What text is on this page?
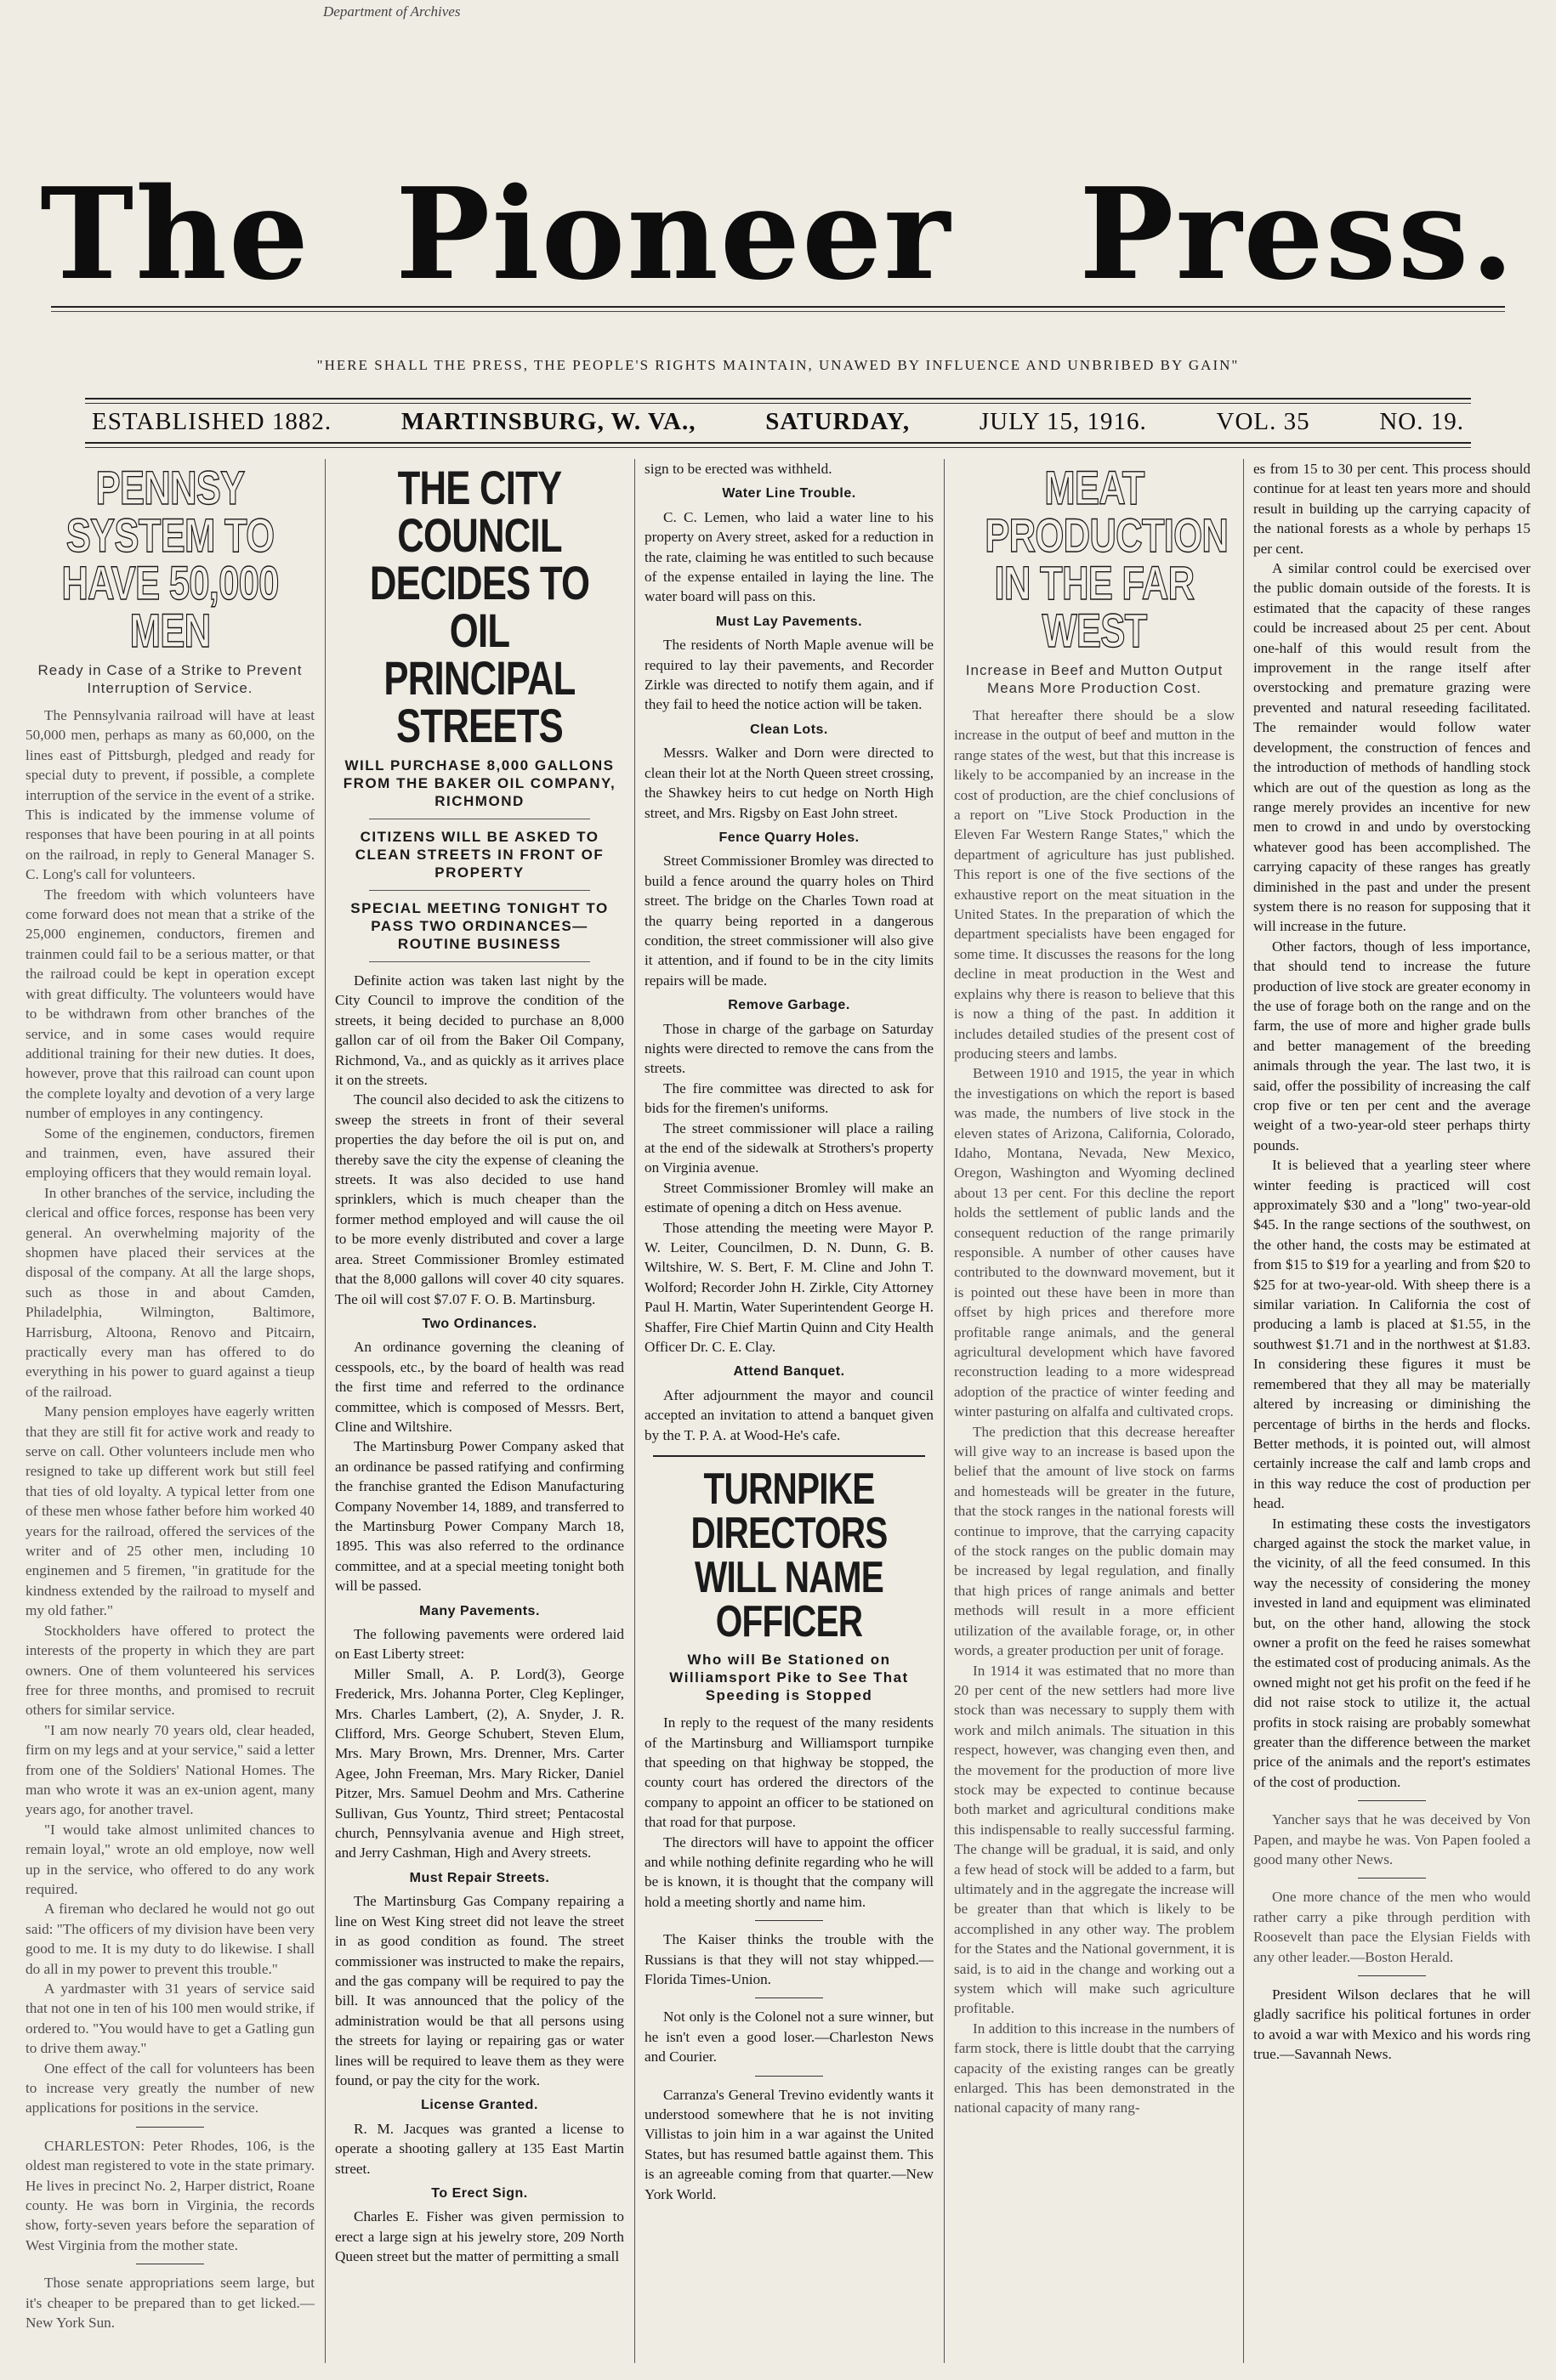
Department of Archives
The Pioneer Press.
"HERE SHALL THE PRESS, THE PEOPLE'S RIGHTS MAINTAIN, UNAWED BY INFLUENCE AND UNBRIBED BY GAIN"
ESTABLISHED 1882.	MARTINSBURG, W. VA.,	SATURDAY,	JULY 15, 1916.	VOL. 35	NO. 19.
PENNSY SYSTEM TO HAVE 50,000 MEN
Ready in Case of a Strike to Prevent Interruption of Service.

The Pennsylvania railroad will have at least 50,000 men, perhaps as many as 60,000, on the lines east of Pittsburgh, pledged and ready for special duty to prevent, if possible, a complete interruption of the service in the event of a strike. This is indicated by the immense volume of responses that have been pouring in at all points on the railroad, in reply to General Manager S. C. Long's call for volunteers.

The freedom with which volunteers have come forward does not mean that a strike of the 25,000 enginemen, conductors, firemen and trainmen could fail to be a serious matter, or that the railroad could be kept in operation except with great difficulty. The volunteers would have to be withdrawn from other branches of the service, and in some cases would require additional training for their new duties. It does, however, prove that this railroad can count upon the complete loyalty and devotion of a very large number of employes in any contingency.

Some of the enginemen, conductors, firemen and trainmen, even, have assured their employing officers that they would remain loyal.

In other branches of the service, including the clerical and office forces, response has been very general. An overwhelming majority of the shopmen have placed their services at the disposal of the company. At all the large shops, such as those in and about Camden, Philadelphia, Wilmington, Baltimore, Harrisburg, Altoona, Renovo and Pitcairn, practically every man has offered to do everything in his power to guard against a tieup of the railroad.

Many pension employes have eagerly written that they are still fit for active work and ready to serve on call. Other volunteers include men who resigned to take up different work but still feel that ties of old loyalty. A typical letter from one of these men whose father before him worked 40 years for the railroad, offered the services of the writer and of 25 other men, including 10 enginemen and 5 firemen, "in gratitude for the kindness extended by the railroad to myself and my old father."

Stockholders have offered to protect the interests of the property in which they are part owners. One of them volunteered his services free for three months, and promised to recruit others for similar service.

"I am now nearly 70 years old, clear headed, firm on my legs and at your service," said a letter from one of the Soldiers' National Homes. The man who wrote it was an ex-union agent, many years ago, for another travel.

"I would take almost unlimited chances to remain loyal," wrote an old employe, now well up in the service, who offered to do any work required.

A fireman who declared he would not go out said: "The officers of my division have been very good to me. It is my duty to do likewise. I shall do all in my power to prevent this trouble."

A yardmaster with 31 years of service said that not one in ten of his 100 men would strike, if ordered to. "You would have to get a Gatling gun to drive them away."

One effect of the call for volunteers has been to increase very greatly the number of new applications for positions in the service.

CHARLESTON: Peter Rhodes, 106, is the oldest man registered to vote in the state primary. He lives in precinct No. 2, Harper district, Roane county. He was born in Virginia, the records show, forty-seven years before the separation of West Virginia from the mother state.

Those senate appropriations seem large, but it's cheaper to be prepared than to get licked.—New York Sun.

THE CITY COUNCIL DECIDES TO OIL PRINCIPAL STREETS
WILL PURCHASE 8,000 GALLONS FROM THE BAKER OIL COMPANY, RICHMOND
CITIZENS WILL BE ASKED TO CLEAN STREETS IN FRONT OF PROPERTY
SPECIAL MEETING TONIGHT TO PASS TWO ORDINANCES—ROUTINE BUSINESS

Definite action was taken last night by the City Council to improve the condition of the streets, it being decided to purchase an 8,000 gallon car of oil from the Baker Oil Company, Richmond, Va., and as quickly as it arrives place it on the streets.

The council also decided to ask the citizens to sweep the streets in front of their several properties the day before the oil is put on, and thereby save the city the expense of cleaning the streets. It was also decided to use hand sprinklers, which is much cheaper than the former method employed and will cause the oil to be more evenly distributed and cover a large area. Street Commissioner Bromley estimated that the 8,000 gallons will cover 40 city squares. The oil will cost $7.07 F. O. B. Martinsburg.

Two Ordinances.

An ordinance governing the cleaning of cesspools, etc., by the board of health was read the first time and referred to the ordinance committee, which is composed of Messrs. Bert, Cline and Wiltshire.

The Martinsburg Power Company asked that an ordinance be passed ratifying and confirming the franchise granted the Edison Manufacturing Company November 14, 1889, and transferred to the Martinsburg Power Company March 18, 1895. This was also referred to the ordinance committee, and at a special meeting tonight both will be passed.

Many Pavements.

The following pavements were ordered laid on East Liberty street:

Miller Small, A. P. Lord(3), George Frederick, Mrs. Johanna Porter, Cleg Keplinger, Mrs. Charles Lambert, (2), A. Snyder, J. R. Clifford, Mrs. George Schubert, Steven Elum, Mrs. Mary Brown, Mrs. Drenner, Mrs. Carter Agee, John Freeman, Mrs. Mary Ricker, Daniel Pitzer, Mrs. Samuel Deohm and Mrs. Catherine Sullivan, Gus Yountz, Third street; Pentacostal church, Pennsylvania avenue and High street, and Jerry Cashman, High and Avery streets.

Must Repair Streets.

The Martinsburg Gas Company repairing a line on West King street did not leave the street in as good condition as found. The street commissioner was instructed to make the repairs, and the gas company will be required to pay the bill. It was announced that the policy of the administration would be that all persons using the streets for laying or repairing gas or water lines will be required to leave them as they were found, or pay the city for the work.

License Granted.

R. M. Jacques was granted a license to operate a shooting gallery at 135 East Martin street.

To Erect Sign.

Charles E. Fisher was given permission to erect a large sign at his jewelry store, 209 North Queen street but the matter of permitting a small

sign to be erected was withheld.

Water Line Trouble.

C. C. Lemen, who laid a water line to his property on Avery street, asked for a reduction in the rate, claiming he was entitled to such because of the expense entailed in laying the line. The water board will pass on this.

Must Lay Pavements.

The residents of North Maple avenue will be required to lay their pavements, and Recorder Zirkle was directed to notify them again, and if they fail to heed the notice action will be taken.

Clean Lots.

Messrs. Walker and Dorn were directed to clean their lot at the North Queen street crossing, the Shawkey heirs to cut hedge on North High street, and Mrs. Rigsby on East John street.

Fence Quarry Holes.

Street Commissioner Bromley was directed to build a fence around the quarry holes on Third street. The bridge on the Charles Town road at the quarry being reported in a dangerous condition, the street commissioner will also give it attention, and if found to be in the city limits repairs will be made.

Remove Garbage.

Those in charge of the garbage on Saturday nights were directed to remove the cans from the streets.

The fire committee was directed to ask for bids for the firemen's uniforms.

The street commissioner will place a railing at the end of the sidewalk at Strothers's property on Virginia avenue.

Street Commissioner Bromley will make an estimate of opening a ditch on Hess avenue.

Those attending the meeting were Mayor P. W. Leiter, Councilmen, D. N. Dunn, G. B. Wiltshire, W. S. Bert, F. M. Cline and John T. Wolford; Recorder John H. Zirkle, City Attorney Paul H. Martin, Water Superintendent George H. Shaffer, Fire Chief Martin Quinn and City Health Officer Dr. C. E. Clay.

Attend Banquet.

After adjournment the mayor and council accepted an invitation to attend a banquet given by the T. P. A. at Wood-He's cafe.

TURNPIKE DIRECTORS WILL NAME OFFICER
Who will Be Stationed on Williamsport Pike to See That Speeding is Stopped

In reply to the request of the many residents of the Martinsburg and Williamsport turnpike that speeding on that highway be stopped, the county court has ordered the directors of the company to appoint an officer to be stationed on that road for that purpose.

The directors will have to appoint the officer and while nothing definite regarding who he will be is known, it is thought that the company will hold a meeting shortly and name him.

The Kaiser thinks the trouble with the Russians is that they will not stay whipped.—Florida Times-Union.

Not only is the Colonel not a sure winner, but he isn't even a good loser.—Charleston News and Courier.

Carranza's General Trevino evidently wants it understood somewhere that he is not inviting Villistas to join him in a war against the United States, but has resumed battle against them. This is an agreeable coming from that quarter.—New York World.

MEAT PRODUCTION IN THE FAR WEST
Increase in Beef and Mutton Output Means More Production Cost.

That hereafter there should be a slow increase in the output of beef and mutton in the range states of the west, but that this increase is likely to be accompanied by an increase in the cost of production, are the chief conclusions of a report on "Live Stock Production in the Eleven Far Western Range States," which the department of agriculture has just published. This report is one of the five sections of the exhaustive report on the meat situation in the United States. In the preparation of which the department specialists have been engaged for some time. It discusses the reasons for the long decline in meat production in the West and explains why there is reason to believe that this is now a thing of the past. In addition it includes detailed studies of the present cost of producing steers and lambs.

Between 1910 and 1915, the year in which the investigations on which the report is based was made, the numbers of live stock in the eleven states of Arizona, California, Colorado, Idaho, Montana, Nevada, New Mexico, Oregon, Washington and Wyoming declined about 13 per cent. For this decline the report holds the settlement of public lands and the consequent reduction of the range primarily responsible. A number of other causes have contributed to the downward movement, but it is pointed out these have been in more than offset by high prices and therefore more profitable range animals, and the general agricultural development which have favored reconstruction leading to a more widespread adoption of the practice of winter feeding and winter pasturing on alfalfa and cultivated crops.

The prediction that this decrease hereafter will give way to an increase is based upon the belief that the amount of live stock on farms and homesteads will be greater in the future, that the stock ranges in the national forests will continue to improve, that the carrying capacity of the stock ranges on the public domain may be increased by legal regulation, and finally that high prices of range animals and better methods will result in a more efficient utilization of the available forage, or, in other words, a greater production per unit of forage.

In 1914 it was estimated that no more than 20 per cent of the new settlers had more live stock than was necessary to supply them with work and milch animals. The situation in this respect, however, was changing even then, and the movement for the production of more live stock may be expected to continue because both market and agricultural conditions make this indispensable to really successful farming. The change will be gradual, it is said, and only a few head of stock will be added to a farm, but ultimately and in the aggregate the increase will be greater than that which is likely to be accomplished in any other way. The problem for the States and the National government, it is said, is to aid in the change and working out a system which will make such agriculture profitable.

In addition to this increase in the numbers of farm stock, there is little doubt that the carrying capacity of the existing ranges can be greatly enlarged. This has been demonstrated in the national capacity of many rang-

es from 15 to 30 per cent. This process should continue for at least ten years more and should result in building up the carrying capacity of the national forests as a whole by perhaps 15 per cent.

A similar control could be exercised over the public domain outside of the forests. It is estimated that the capacity of these ranges could be increased about 25 per cent. About one-half of this would result from the improvement in the range itself after overstocking and premature grazing were prevented and natural reseeding facilitated. The remainder would follow water development, the construction of fences and the introduction of methods of handling stock which are out of the question as long as the range merely provides an incentive for new men to crowd in and undo by overstocking whatever good has been accomplished. The carrying capacity of these ranges has greatly diminished in the past and under the present system there is no reason for supposing that it will increase in the future.

Other factors, though of less importance, that should tend to increase the future production of live stock are greater economy in the use of forage both on the range and on the farm, the use of more and higher grade bulls and better management of the breeding animals through the year. The last two, it is said, offer the possibility of increasing the calf crop five or ten per cent and the average weight of a two-year-old steer perhaps thirty pounds.

It is believed that a yearling steer where winter feeding is practiced will cost approximately $30 and a "long" two-year-old $45. In the range sections of the southwest, on the other hand, the costs may be estimated at from $15 to $19 for a yearling and from $20 to $25 for at two-year-old. With sheep there is a similar variation. In California the cost of producing a lamb is placed at $1.55, in the southwest $1.71 and in the northwest at $1.83. In considering these figures it must be remembered that they all may be materially altered by increasing or diminishing the percentage of births in the herds and flocks. Better methods, it is pointed out, will almost certainly increase the calf and lamb crops and in this way reduce the cost of production per head.

In estimating these costs the investigators charged against the stock the market value, in the vicinity, of all the feed consumed. In this way the necessity of considering the money invested in land and equipment was eliminated but, on the other hand, allowing the stock owner a profit on the feed he raises somewhat the estimated cost of producing animals. As the owned might not get his profit on the feed if he did not raise stock to utilize it, the actual profits in stock raising are probably somewhat greater than the difference between the market price of the animals and the report's estimates of the cost of production.

Yancher says that he was deceived by Von Papen, and maybe he was. Von Papen fooled a good many other News.

One more chance of the men who would rather carry a pike through perdition with Roosevelt than pace the Elysian Fields with any other leader.—Boston Herald.

President Wilson declares that he will gladly sacrifice his political fortunes in order to avoid a war with Mexico and his words ring true.—Savannah News.
